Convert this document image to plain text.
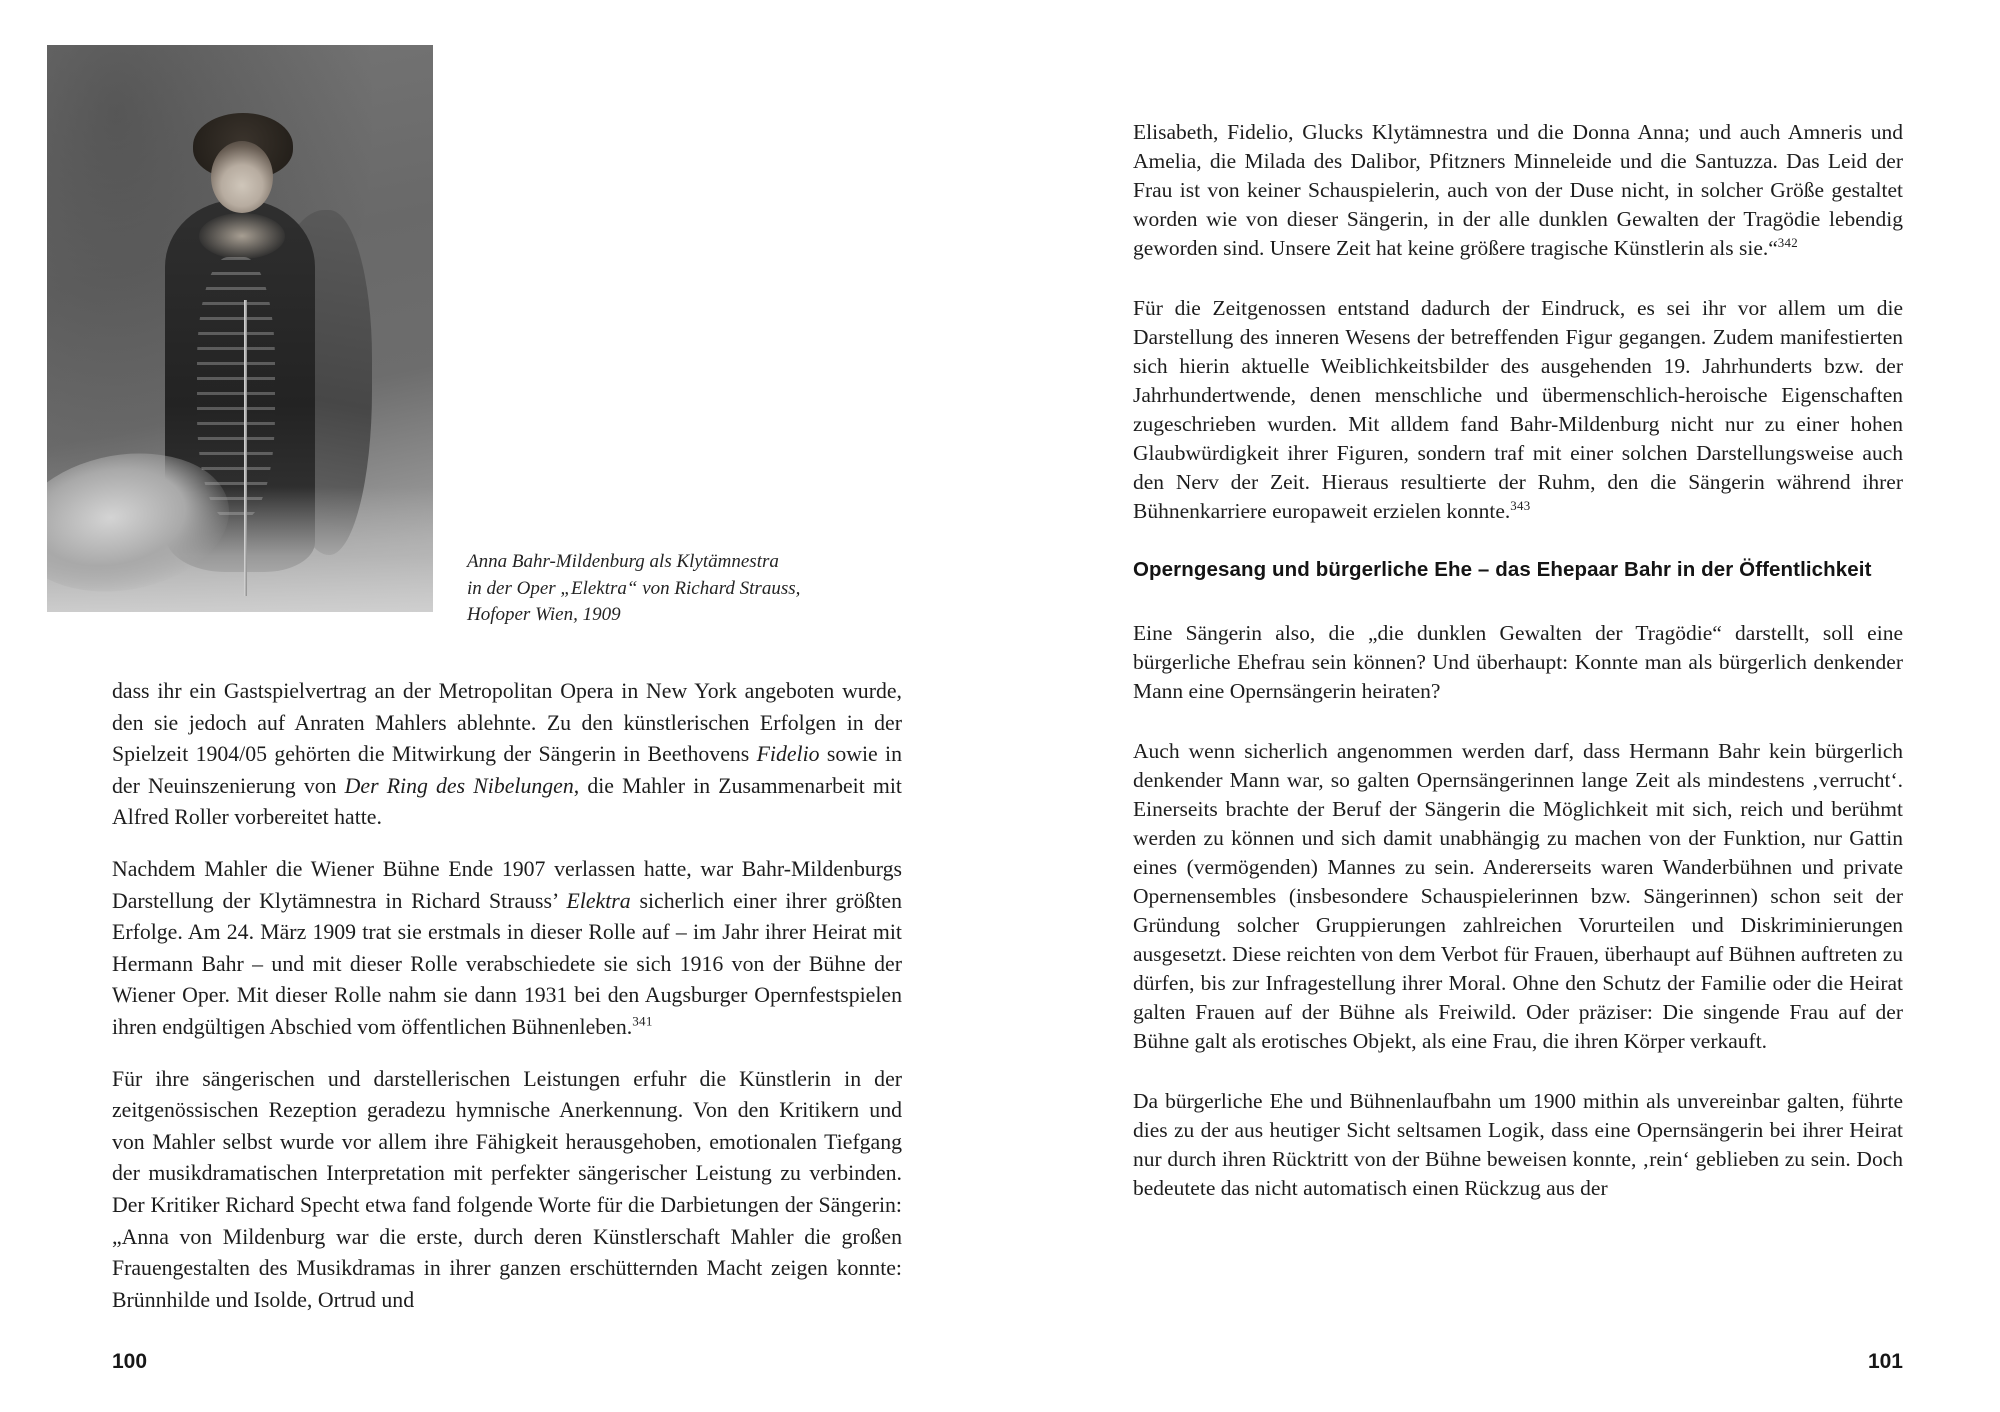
Anna Bahr-Mildenburg als Klytämnestra
in der Oper „Elektra“ von Richard Strauss,
Hofoper Wien, 1909

dass ihr ein Gastspielvertrag an der Metropolitan Opera in New York angeboten wurde, den sie jedoch auf Anraten Mahlers ablehnte. Zu den künstlerischen Erfolgen in der Spielzeit 1904/05 gehörten die Mitwirkung der Sängerin in Beethovens Fidelio sowie in der Neuinszenierung von Der Ring des Nibelungen, die Mahler in Zusammenarbeit mit Alfred Roller vorbereitet hatte.

Nachdem Mahler die Wiener Bühne Ende 1907 verlassen hatte, war Bahr-Mildenburgs Darstellung der Klytämnestra in Richard Strauss’ Elektra sicherlich einer ihrer größten Erfolge. Am 24. März 1909 trat sie erstmals in dieser Rolle auf – im Jahr ihrer Heirat mit Hermann Bahr – und mit dieser Rolle verabschiedete sie sich 1916 von der Bühne der Wiener Oper. Mit dieser Rolle nahm sie dann 1931 bei den Augsburger Opernfestspielen ihren endgültigen Abschied vom öffentlichen Bühnenleben.$^{341}$

Für ihre sängerischen und darstellerischen Leistungen erfuhr die Künstlerin in der zeitgenössischen Rezeption geradezu hymnische Anerkennung. Von den Kritikern und von Mahler selbst wurde vor allem ihre Fähigkeit herausgehoben, emotionalen Tiefgang der musikdramatischen Interpretation mit perfekter sängerischer Leistung zu verbinden. Der Kritiker Richard Specht etwa fand folgende Worte für die Darbietungen der Sängerin: „Anna von Mildenburg war die erste, durch deren Künstlerschaft Mahler die großen Frauengestalten des Musikdramas in ihrer ganzen erschütternden Macht zeigen konnte: Brünnhilde und Isolde, Ortrud und

100

Elisabeth, Fidelio, Glucks Klytämnestra und die Donna Anna; und auch Amneris und Amelia, die Milada des Dalibor, Pfitzners Minneleide und die Santuzza. Das Leid der Frau ist von keiner Schauspielerin, auch von der Duse nicht, in solcher Größe gestaltet worden wie von dieser Sängerin, in der alle dunklen Gewalten der Tragödie lebendig geworden sind. Unsere Zeit hat keine größere tragische Künstlerin als sie.“$^{342}$

Für die Zeitgenossen entstand dadurch der Eindruck, es sei ihr vor allem um die Darstellung des inneren Wesens der betreffenden Figur gegangen. Zudem manifestierten sich hierin aktuelle Weiblichkeitsbilder des ausgehenden 19. Jahrhunderts bzw. der Jahrhundertwende, denen menschliche und übermenschlich-heroische Eigenschaften zugeschrieben wurden. Mit alldem fand Bahr-Mildenburg nicht nur zu einer hohen Glaubwürdigkeit ihrer Figuren, sondern traf mit einer solchen Darstellungsweise auch den Nerv der Zeit. Hieraus resultierte der Ruhm, den die Sängerin während ihrer Bühnenkarriere europaweit erzielen konnte.$^{343}$

Operngesang und bürgerliche Ehe – das Ehepaar Bahr in der Öffentlichkeit

Eine Sängerin also, die „die dunklen Gewalten der Tragödie“ darstellt, soll eine bürgerliche Ehefrau sein können? Und überhaupt: Konnte man als bürgerlich denkender Mann eine Opernsängerin heiraten?

Auch wenn sicherlich angenommen werden darf, dass Hermann Bahr kein bürgerlich denkender Mann war, so galten Opernsängerinnen lange Zeit als mindestens ‚verrucht‘. Einerseits brachte der Beruf der Sängerin die Möglichkeit mit sich, reich und berühmt werden zu können und sich damit unabhängig zu machen von der Funktion, nur Gattin eines (vermögenden) Mannes zu sein. Andererseits waren Wanderbühnen und private Opernensembles (insbesondere Schauspielerinnen bzw. Sängerinnen) schon seit der Gründung solcher Gruppierungen zahlreichen Vorurteilen und Diskriminierungen ausgesetzt. Diese reichten von dem Verbot für Frauen, überhaupt auf Bühnen auftreten zu dürfen, bis zur Infragestellung ihrer Moral. Ohne den Schutz der Familie oder die Heirat galten Frauen auf der Bühne als Freiwild. Oder präziser: Die singende Frau auf der Bühne galt als erotisches Objekt, als eine Frau, die ihren Körper verkauft.

Da bürgerliche Ehe und Bühnenlaufbahn um 1900 mithin als unvereinbar galten, führte dies zu der aus heutiger Sicht seltsamen Logik, dass eine Opernsängerin bei ihrer Heirat nur durch ihren Rücktritt von der Bühne beweisen konnte, ‚rein‘ geblieben zu sein. Doch bedeutete das nicht automatisch einen Rückzug aus der

101
